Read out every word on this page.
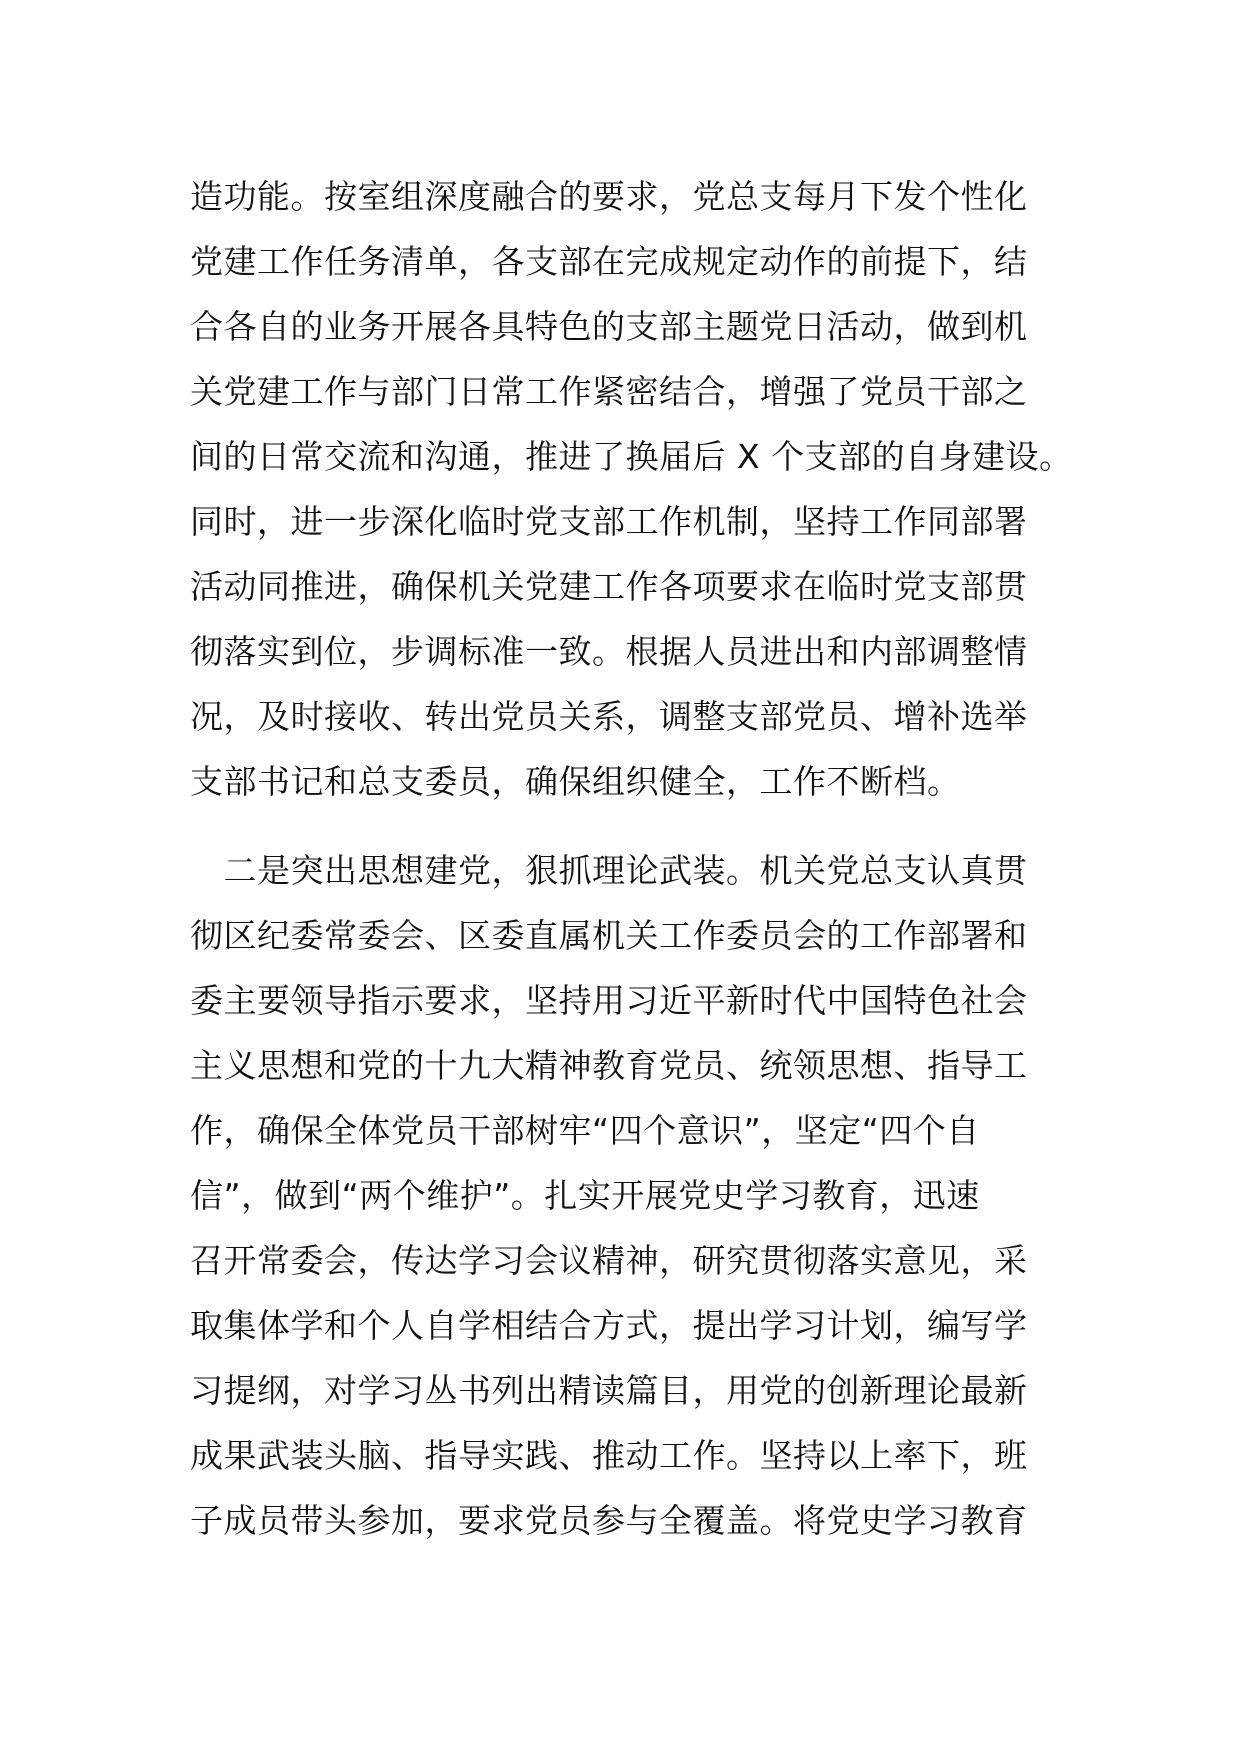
造功能。按室组深度融合的要求，党总支每月下发个性化
党建工作任务清单，各支部在完成规定动作的前提下，结
合各自的业务开展各具特色的支部主题党日活动，做到机
关党建工作与部门日常工作紧密结合，增强了党员干部之
间的日常交流和沟通，推进了换届后 X 个支部的自身建设。
同时，进一步深化临时党支部工作机制，坚持工作同部署
活动同推进，确保机关党建工作各项要求在临时党支部贯
彻落实到位，步调标准一致。根据人员进出和内部调整情
况，及时接收、转出党员关系，调整支部党员、增补选举
支部书记和总支委员，确保组织健全，工作不断档。
　二是突出思想建党，狠抓理论武装。机关党总支认真贯
彻区纪委常委会、区委直属机关工作委员会的工作部署和
委主要领导指示要求，坚持用习近平新时代中国特色社会
主义思想和党的十九大精神教育党员、统领思想、指导工
作，确保全体党员干部树牢“四个意识”，坚定“四个自
信”，做到“两个维护”。扎实开展党史学习教育，迅速
召开常委会，传达学习会议精神，研究贯彻落实意见，采
取集体学和个人自学相结合方式，提出学习计划，编写学
习提纲，对学习丛书列出精读篇目，用党的创新理论最新
成果武装头脑、指导实践、推动工作。坚持以上率下，班
子成员带头参加，要求党员参与全覆盖。将党史学习教育
